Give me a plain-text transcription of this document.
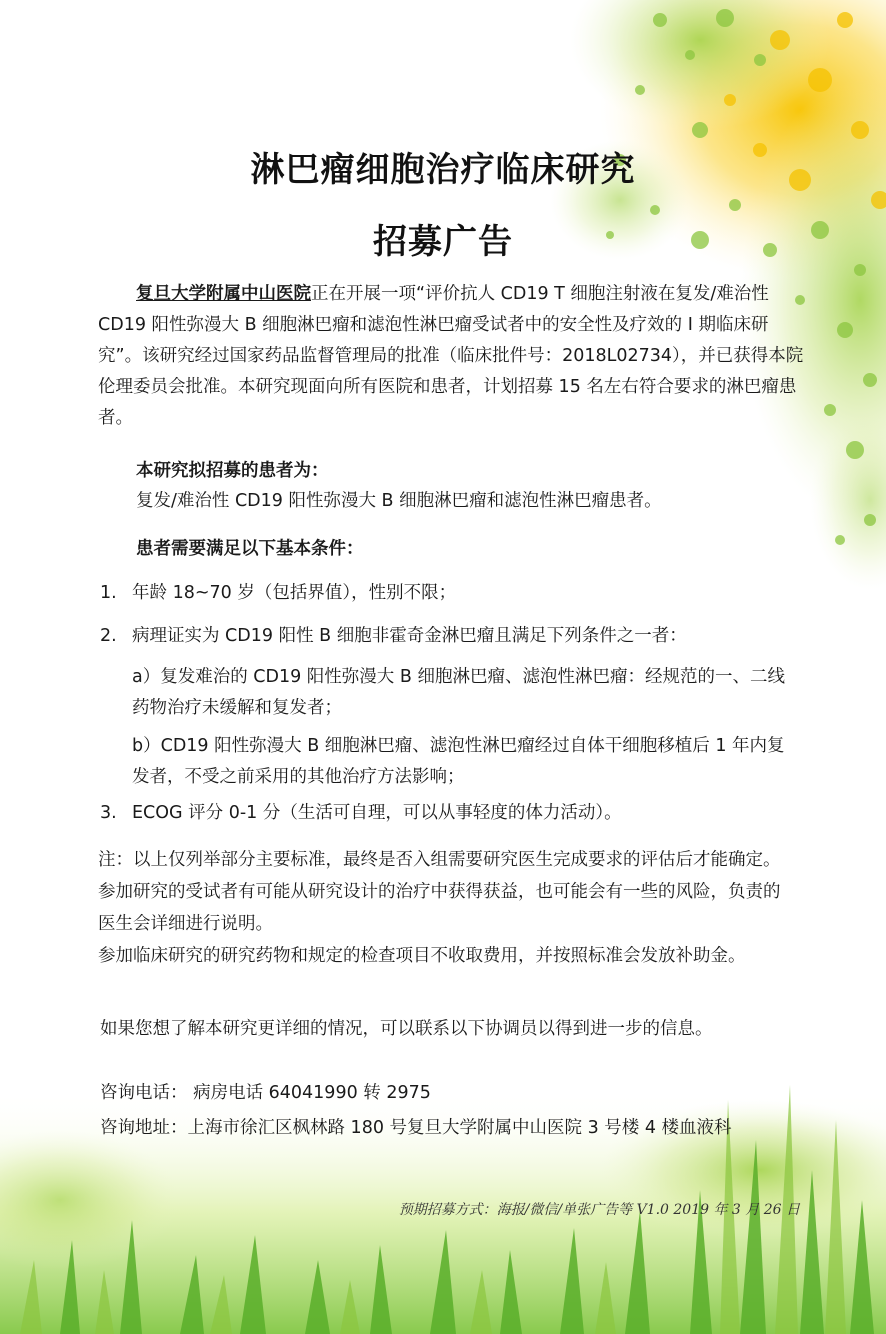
淋巴瘤细胞治疗临床研究
招募广告

复旦大学附属中山医院正在开展一项“评价抗人 CD19 T 细胞注射液在复发/难治性 CD19 阳性弥漫大 B 细胞淋巴瘤和滤泡性淋巴瘤受试者中的安全性及疗效的 I 期临床研究”。该研究经过国家药品监督管理局的批准（临床批件号：2018L02734），并已获得本院伦理委员会批准。本研究现面向所有医院和患者，计划招募 15 名左右符合要求的淋巴瘤患者。

本研究拟招募的患者为：
复发/难治性 CD19 阳性弥漫大 B 细胞淋巴瘤和滤泡性淋巴瘤患者。
患者需要满足以下基本条件：
1. 年龄 18~70 岁（包括界值），性别不限；
2. 病理证实为 CD19 阳性 B 细胞非霍奇金淋巴瘤且满足下列条件之一者：
a）复发难治的 CD19 阳性弥漫大 B 细胞淋巴瘤、滤泡性淋巴瘤：经规范的一、二线药物治疗未缓解和复发者；
b）CD19 阳性弥漫大 B 细胞淋巴瘤、滤泡性淋巴瘤经过自体干细胞移植后 1 年内复发者，不受之前采用的其他治疗方法影响；
3. ECOG 评分 0-1 分（生活可自理，可以从事轻度的体力活动）。
注：以上仅列举部分主要标准，最终是否入组需要研究医生完成要求的评估后才能确定。
参加研究的受试者有可能从研究设计的治疗中获得获益，也可能会有一些的风险，负责的
医生会详细进行说明。
参加临床研究的研究药物和规定的检查项目不收取费用，并按照标准会发放补助金。
如果您想了解本研究更详细的情况，可以联系以下协调员以得到进一步的信息。
咨询电话： 病房电话 64041990 转 2975
咨询地址：上海市徐汇区枫林路 180 号复旦大学附属中山医院 3 号楼 4 楼血液科
预期招募方式：海报/微信/单张广告等 V1.0 2019 年 3 月 26 日
